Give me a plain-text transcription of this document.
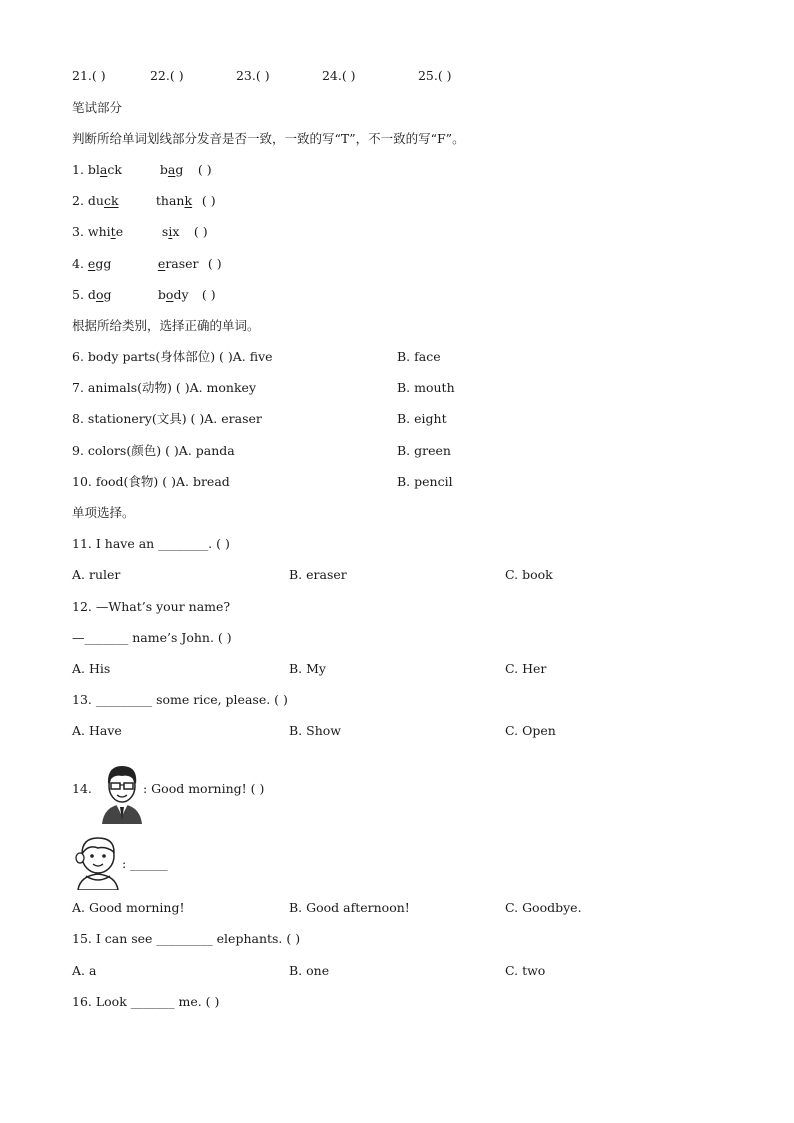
21.( )	22.( )	23.( )	24.( )	25.( )
笔试部分
判断所给单词划线部分发音是否一致，一致的写“T”，不一致的写“F”。
1. black	bag ( )
2. duck	thank ( )
3. white	six ( )
4. egg	eraser ( )
5. dog	body ( )
根据所给类别，选择正确的单词。
6. body parts(身体部位) ( )A. five	B. face
7. animals(动物) ( )A. monkey	B. mouth
8. stationery(文具) ( )A. eraser	B. eight
9. colors(颜色) ( )A. panda	B. green
10. food(食物) ( )A. bread	B. pencil
单项选择。
11. I have an ________. ( )
A. ruler	B. eraser	C. book
12. —What’s your name?
—_______ name’s John. ( )
A. His	B. My	C. Her
13. _________ some rice, please. ( )
A. Have	B. Show	C. Open
14.	: Good morning! ( )
: ______
A. Good morning!	B. Good afternoon!	C. Goodbye.
15. I can see _________ elephants. ( )
A. a	B. one	C. two
16. Look _______ me. ( )
